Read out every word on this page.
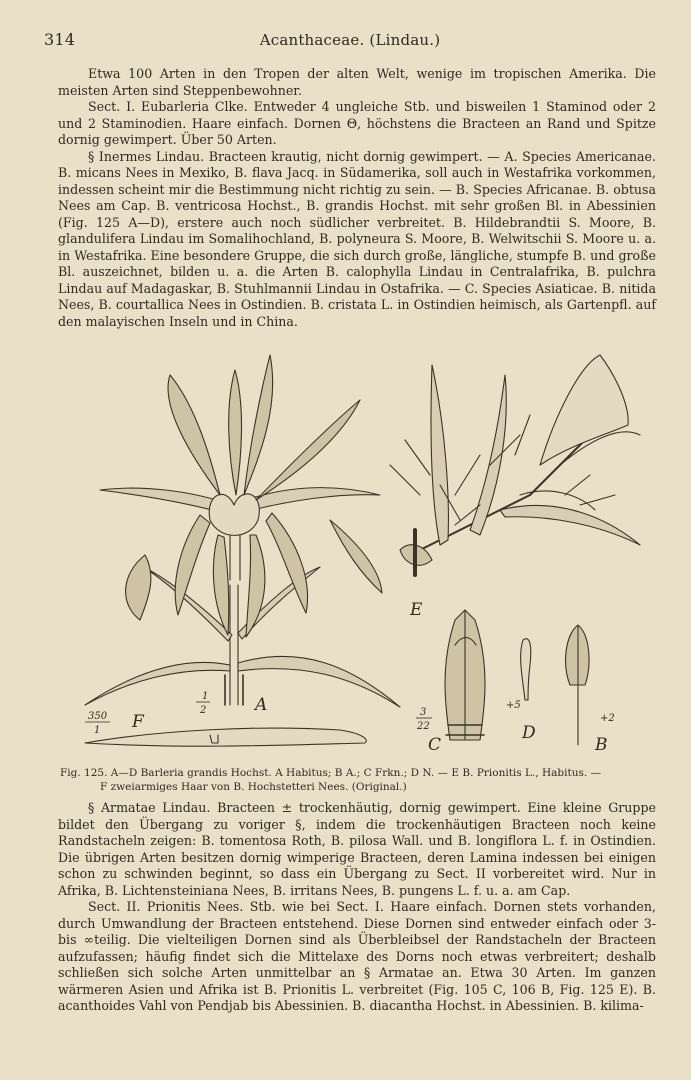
314	Acanthaceae. (Lindau.)

Etwa 100 Arten in den Tropen der alten Welt, wenige im tropischen Amerika. Die meisten Arten sind Steppenbewohner.

Sect. I. Eubarleria Clke. Entweder 4 ungleiche Stb. und bisweilen 1 Staminod oder 2 und 2 Staminodien. Haare einfach. Dornen Θ, höchstens die Bracteen an Rand und Spitze dornig gewimpert. Über 50 Arten.

§ Inermes Lindau. Bracteen krautig, nicht dornig gewimpert. — A. Species Americanae. B. micans Nees in Mexiko, B. flava Jacq. in Südamerika, soll auch in Westafrika vorkommen, indessen scheint mir die Bestimmung nicht richtig zu sein. — B. Species Africanae. B. obtusa Nees am Cap. B. ventricosa Hochst., B. grandis Hochst. mit sehr großen Bl. in Abessinien (Fig. 125 A—D), erstere auch noch südlicher verbreitet. B. Hildebrandtii S. Moore, B. glandulifera Lindau im Somalihochland, B. polyneura S. Moore, B. Welwitschii S. Moore u. a. in Westafrika. Eine besondere Gruppe, die sich durch große, längliche, stumpfe B. und große Bl. auszeichnet, bilden u. a. die Arten B. calophylla Lindau in Centralafrika, B. pulchra Lindau auf Madagaskar, B. Stuhlmannii Lindau in Ostafrika. — C. Species Asiaticae. B. nitida Nees, B. courtallica Nees in Ostindien. B. cristata L. in Ostindien heimisch, als Gartenpfl. auf den malayischen Inseln und in China.

A
B
C
D
E
F
1
2	3
22
350
1
+5
+2

Fig. 125. A—D Barleria grandis Hochst. A Habitus; B A.; C Frkn.; D N. — E B. Prionitis L., Habitus. —

F zweiarmiges Haar von B. Hochstetteri Nees. (Original.)

§ Armatae Lindau. Bracteen ± trockenhäutig, dornig gewimpert. Eine kleine Gruppe bildet den Übergang zu voriger §, indem die trockenhäutigen Bracteen noch keine Randstacheln zeigen: B. tomentosa Roth, B. pilosa Wall. und B. longiflora L. f. in Ostindien. Die übrigen Arten besitzen dornig wimperige Bracteen, deren Lamina indessen bei einigen schon zu schwinden beginnt, so dass ein Übergang zu Sect. II vorbereitet wird. Nur in Afrika, B. Lichtensteiniana Nees, B. irritans Nees, B. pungens L. f. u. a. am Cap.

Sect. II. Prionitis Nees. Stb. wie bei Sect. I. Haare einfach. Dornen stets vorhanden, durch Umwandlung der Bracteen entstehend. Diese Dornen sind entweder einfach oder 3-bis ∞teilig. Die vielteiligen Dornen sind als Überbleibsel der Randstacheln der Bracteen aufzufassen; häufig findet sich die Mittelaxe des Dorns noch etwas verbreitert; deshalb schließen sich solche Arten unmittelbar an § Armatae an. Etwa 30 Arten. Im ganzen wärmeren Asien und Afrika ist B. Prionitis L. verbreitet (Fig. 105 C, 106 B, Fig. 125 E). B. acanthoides Vahl von Pendjab bis Abessinien. B. diacantha Hochst. in Abessinien. B. kilima-
